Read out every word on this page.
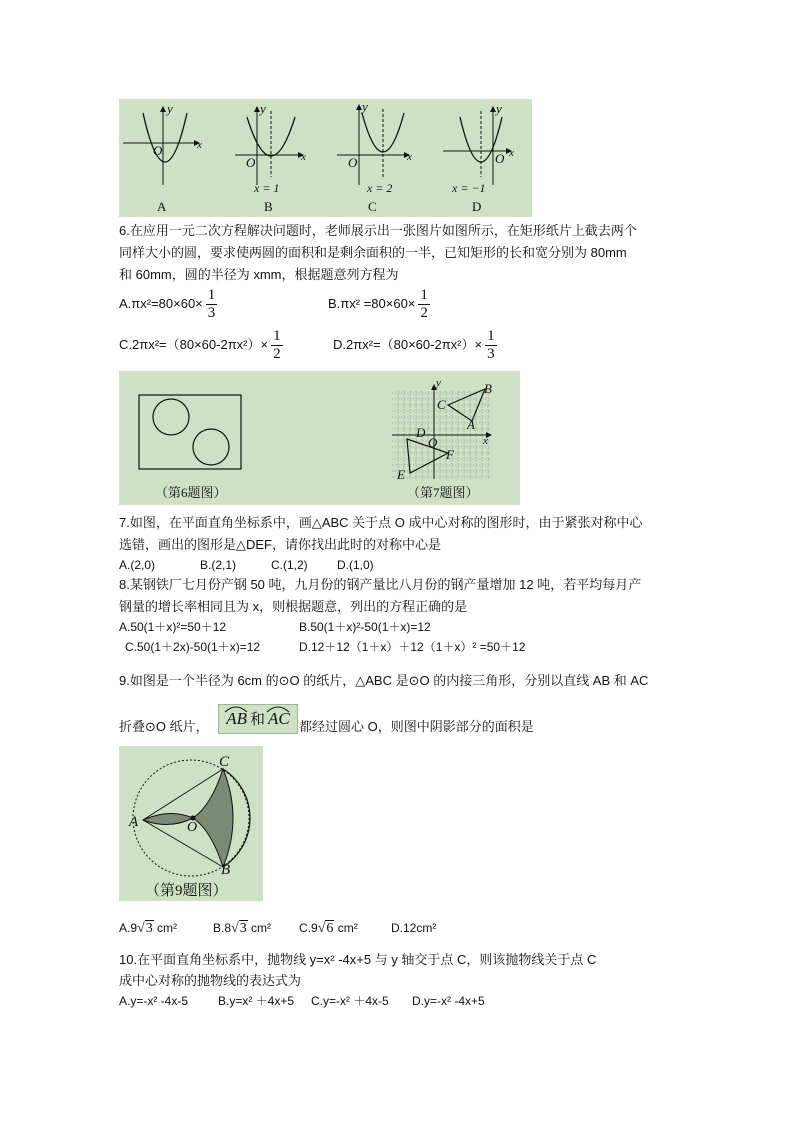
y
x
O
y
x
O
x = 1
y
x
O
x = 2
y
x
O
x = −1
A	B	C	D
6.在应用一元二次方程解决问题时，老师展示出一张图片如图所示，在矩形纸片上截去两个
同样大小的圆，要求使两圆的面积和是剩余面积的一半，已知矩形的长和宽分别为 80mm
和 60mm，圆的半径为 xmm，根据题意列方程为
$A.\pi x^2=80\times 60\times \frac{1}{3}$	$B.\pi x^2 =80\times 60\times \frac{1}{2}$
$C.2\pi x^2=(80\times 60-2\pi x^2)\times \frac{1}{2}$	$D.2\pi x^2=(80\times 60-2\pi x^2)\times \frac{1}{3}$
y
x
B
C
A
D
O
F
E
（第6题图）	（第7题图）
7.如图，在平面直角坐标系中，画△ABC 关于点 O 成中心对称的图形时，由于紧张对称中心
选错，画出的图形是△DEF，请你找出此时的对称中心是
A.(2,0)	B.(2,1)	C.(1,2) D.(1,0)
8.某钢铁厂七月份产钢 50 吨，九月份的钢产量比八月份的钢产量增加 12 吨，若平均每月产
钢量的增长率相同且为 x，则根据题意，列出的方程正确的是
A.50(1＋x)²=50＋12	B.50(1＋x)²-50(1＋x)=12
C.50(1＋2x)-50(1＋x)=12	D.12＋12（1＋x）＋12（1＋x）² =50＋12
9.如图是一个半径为 6cm 的⊙O 的纸片，△ABC 是⊙O 的内接三角形，分别以直线 AB 和 AC
折叠⊙O 纸片，	AB 和 AC 都经过圆心 O，则图中阴影部分的面积是
C
A	O
B
（第9题图）
A.9√3 cm²	B.8√3 cm² C.9√6 cm²	D.12cm²
10.在平面直角坐标系中，抛物线 y=x² -4x+5 与 y 轴交于点 C，则该抛物线关于点 C
成中心对称的抛物线的表达式为
A.y=-x² -4x-5 B.y=x² ＋4x+5 C.y=-x² ＋4x-5 D.y=-x² -4x+5
